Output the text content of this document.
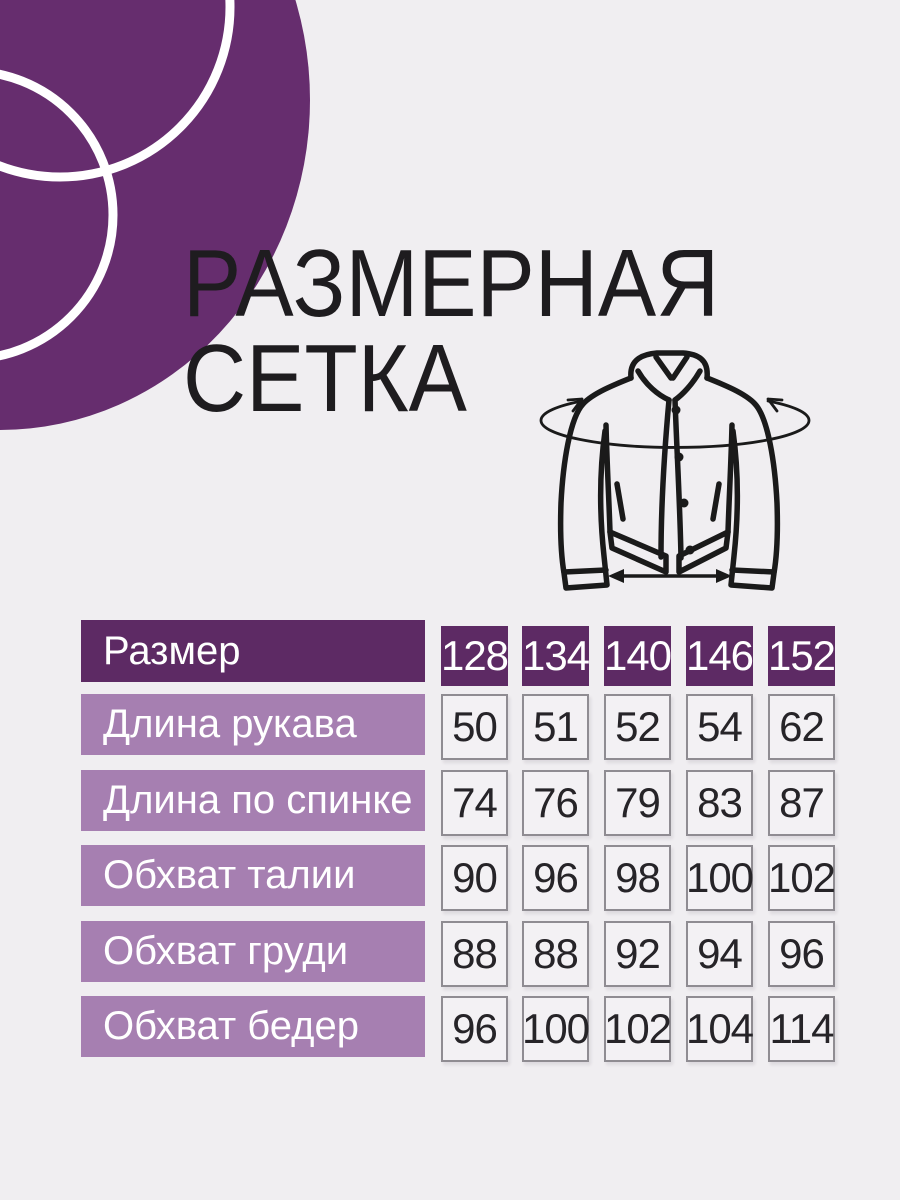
РАЗМЕРНАЯ
СЕТКА
Размер	128 134 140 146 152
Длина рукава 50 51 52 54 62
Длина по спинке 74 76 79 83 87
Обхват талии 90 96 98 100 102
Обхват груди 88 88 92 94 96
Обхват бедер 96 100 102 104 114
